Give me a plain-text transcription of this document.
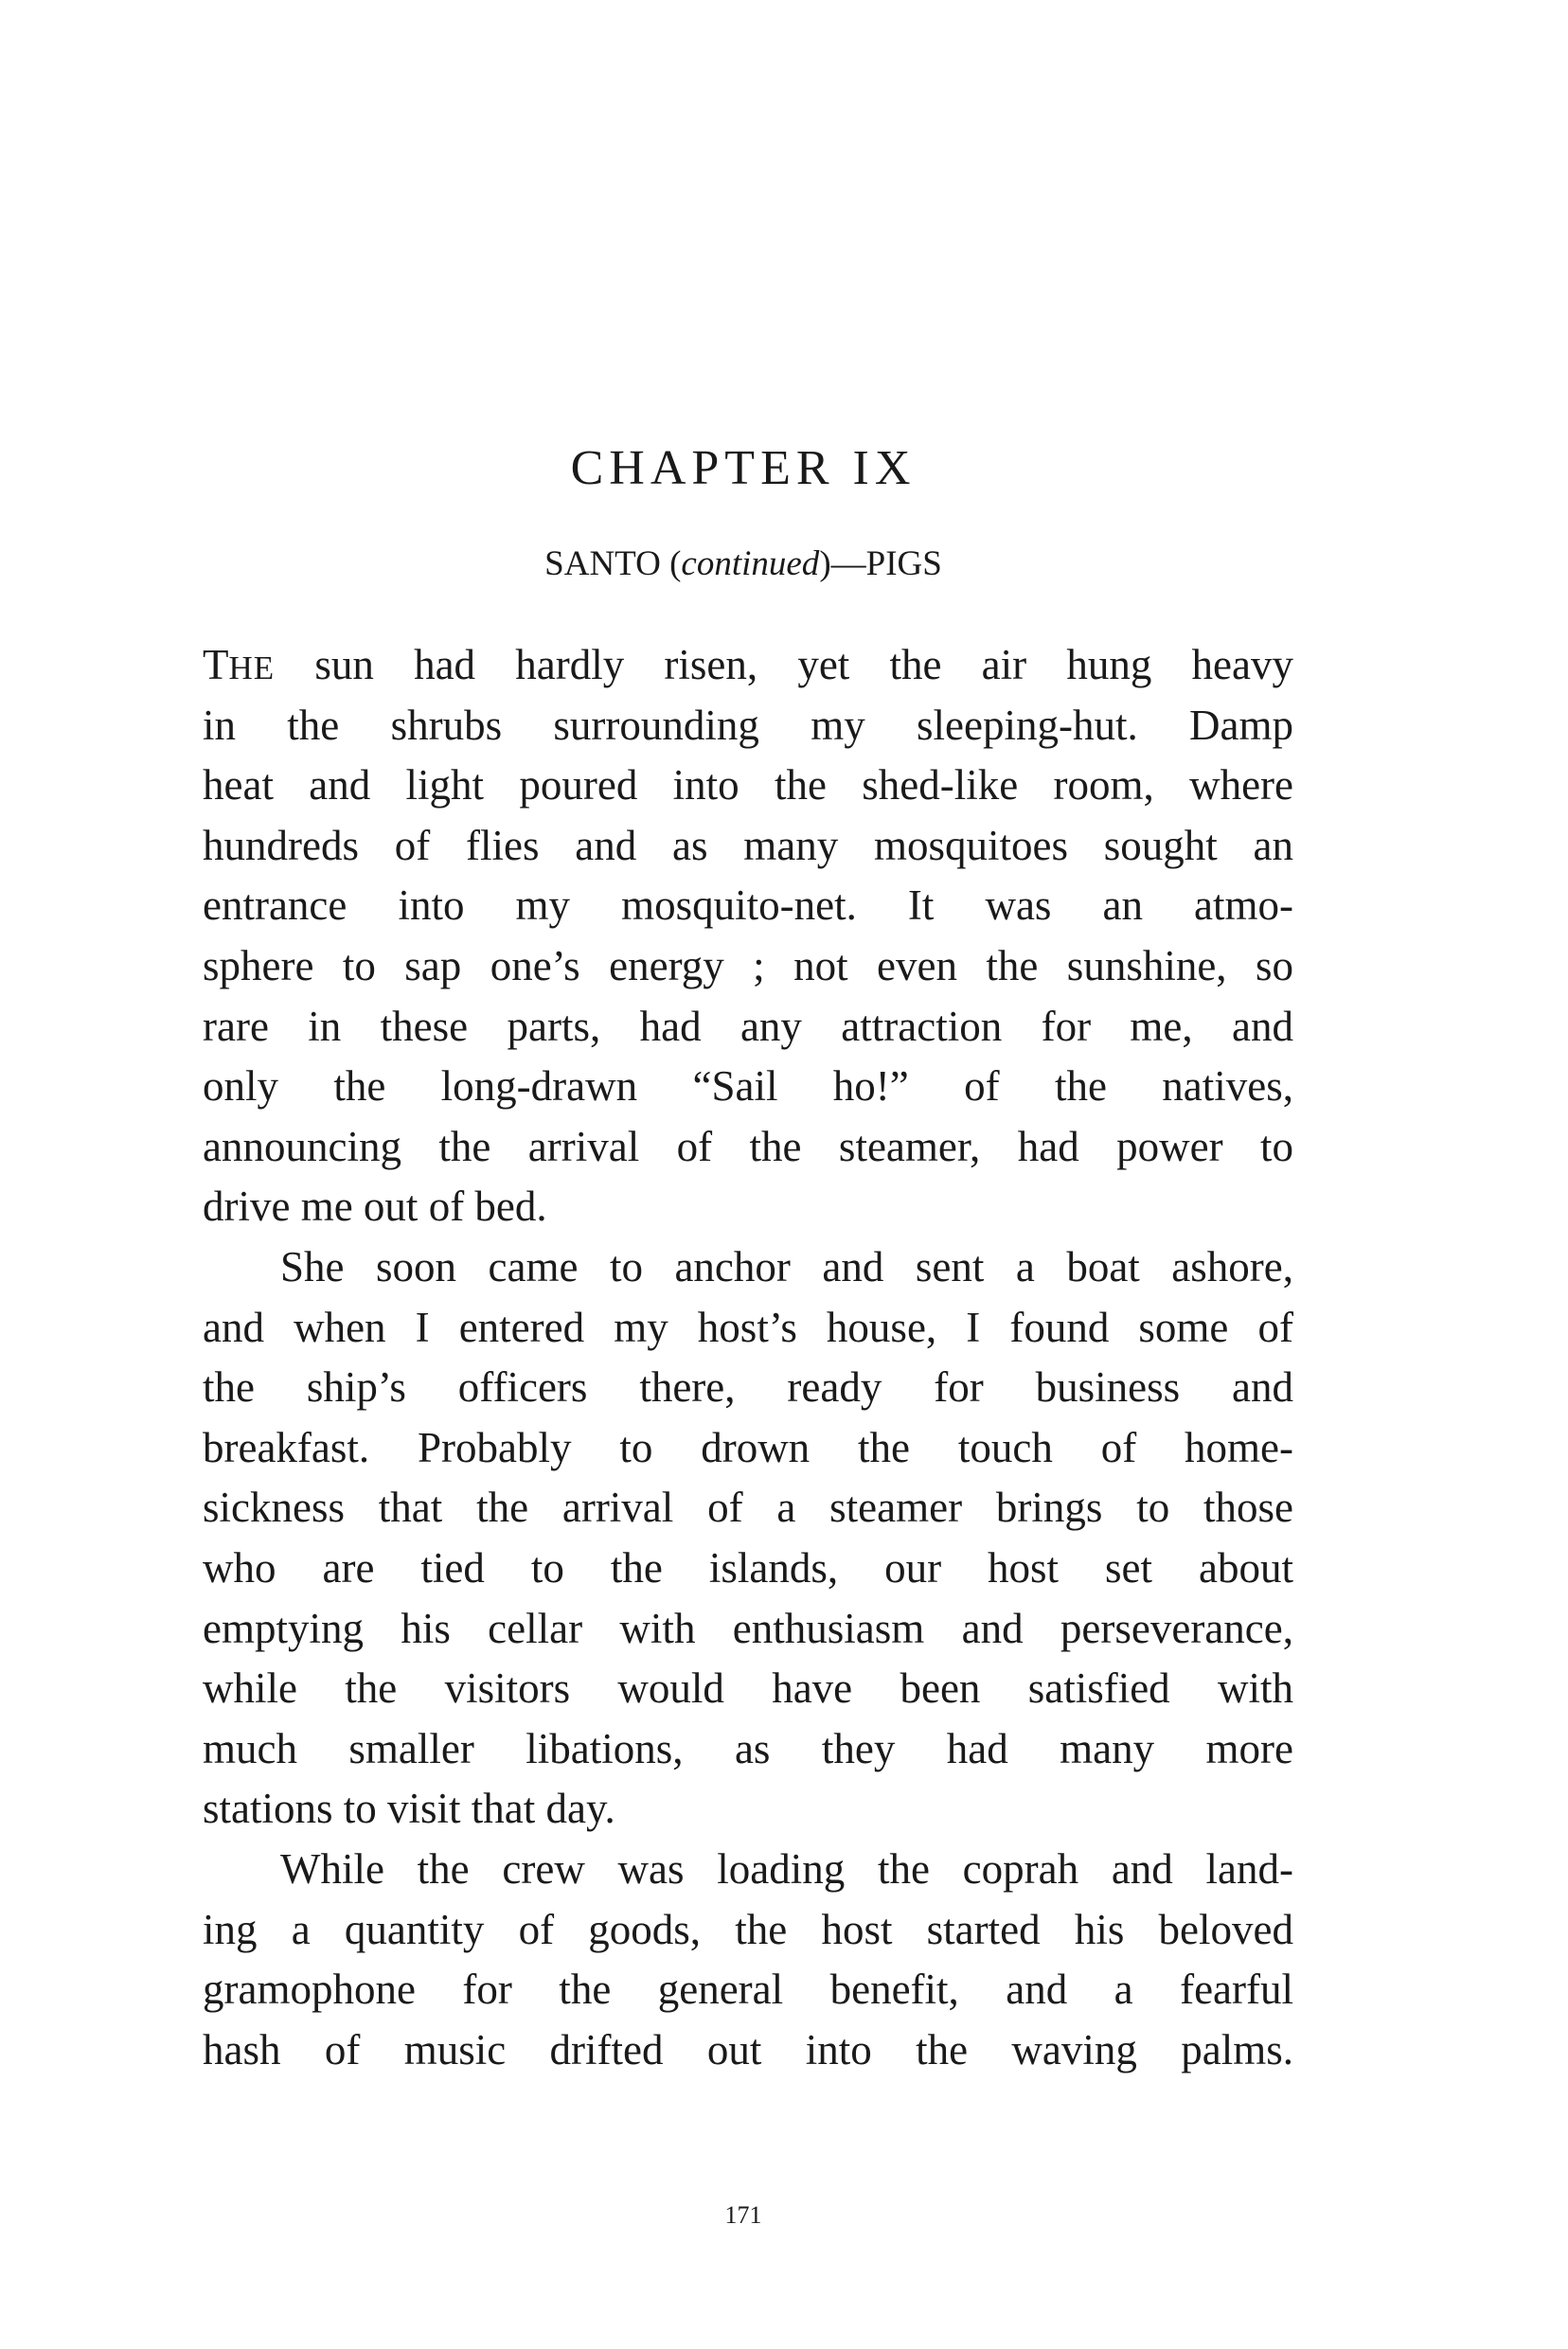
CHAPTER IX
SANTO (continued)—PIGS
THE sun had hardly risen, yet the air hung heavy
in the shrubs surrounding my sleeping-hut. Damp
heat and light poured into the shed-like room, where
hundreds of flies and as many mosquitoes sought an
entrance into my mosquito-net. It was an atmo-
sphere to sap one’s energy ; not even the sunshine, so
rare in these parts, had any attraction for me, and
only the long-drawn “Sail ho!” of the natives,
announcing the arrival of the steamer, had power to
drive me out of bed.
She soon came to anchor and sent a boat ashore,
and when I entered my host’s house, I found some of
the ship’s officers there, ready for business and
breakfast. Probably to drown the touch of home-
sickness that the arrival of a steamer brings to those
who are tied to the islands, our host set about
emptying his cellar with enthusiasm and perseverance,
while the visitors would have been satisfied with
much smaller libations, as they had many more
stations to visit that day.
While the crew was loading the coprah and land-
ing a quantity of goods, the host started his beloved
gramophone for the general benefit, and a fearful
hash of music drifted out into the waving palms.
171
